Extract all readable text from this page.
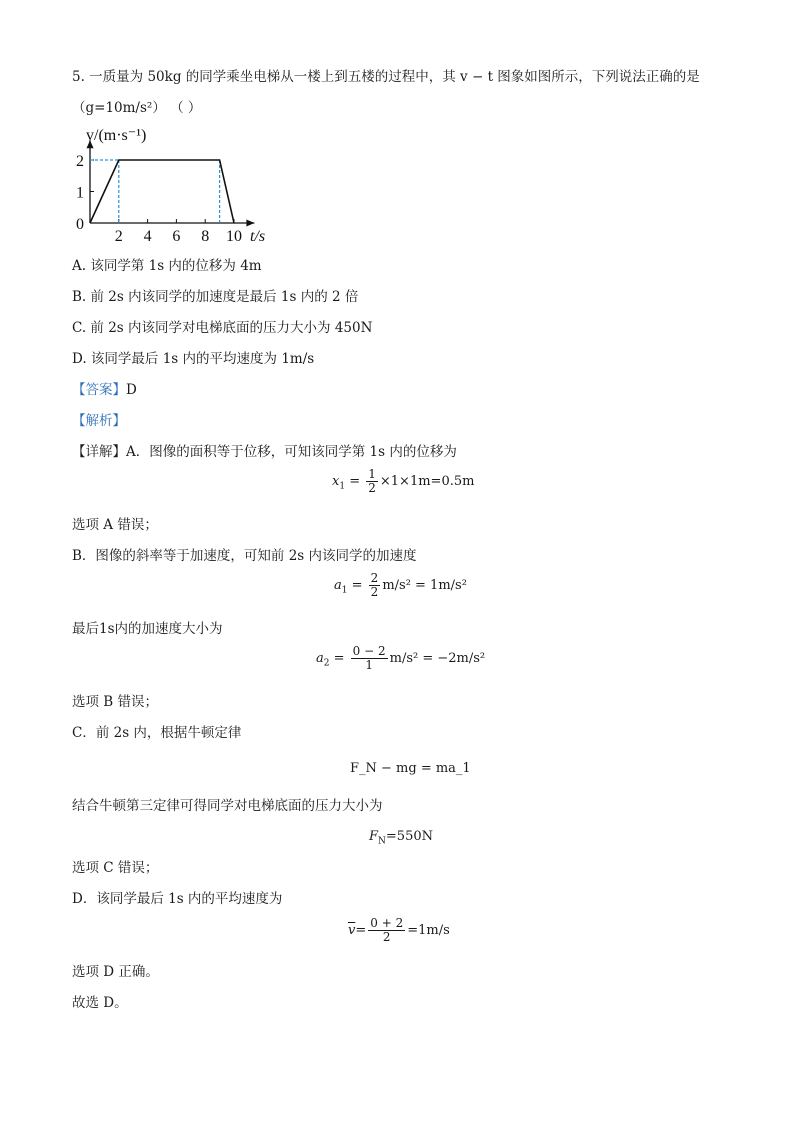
5. 一质量为 50kg 的同学乘坐电梯从一楼上到五楼的过程中，其 v − t 图象如图所示，下列说法正确的是
（g=10m/s²） （ ）
v/(m·s⁻¹)
t/s
0
1
2
2 4 6 8 10
A. 该同学第 1s 内的位移为 4m
B. 前 2s 内该同学的加速度是最后 1s 内的 2 倍
C. 前 2s 内该同学对电梯底面的压力大小为 450N
D. 该同学最后 1s 内的平均速度为 1m/s
【答案】D
【解析】
【详解】A．图像的面积等于位移，可知该同学第 1s 内的位移为
$x_1 = \frac{1}{2} \times 1\times 1m=0.5m$
选项 A 错误；
B．图像的斜率等于加速度，可知前 2s 内该同学的加速度
$a_1 = \frac{2}{2} m/s^2 = 1m/s^2$
最后1s内的加速度大小为
$a_2 = \frac{0 - 2}{1} m/s^2 = -2m/s^2$
选项 B 错误；
C．前 2s 内，根据牛顿定律
F_N − mg = ma_1
结合牛顿第三定律可得同学对电梯底面的压力大小为
$F_N=550N$
选项 C 错误；
D．该同学最后 1s 内的平均速度为
$\overline{v}= \frac{0 + 2}{2} =1m/s$
选项 D 正确。
故选 D。
